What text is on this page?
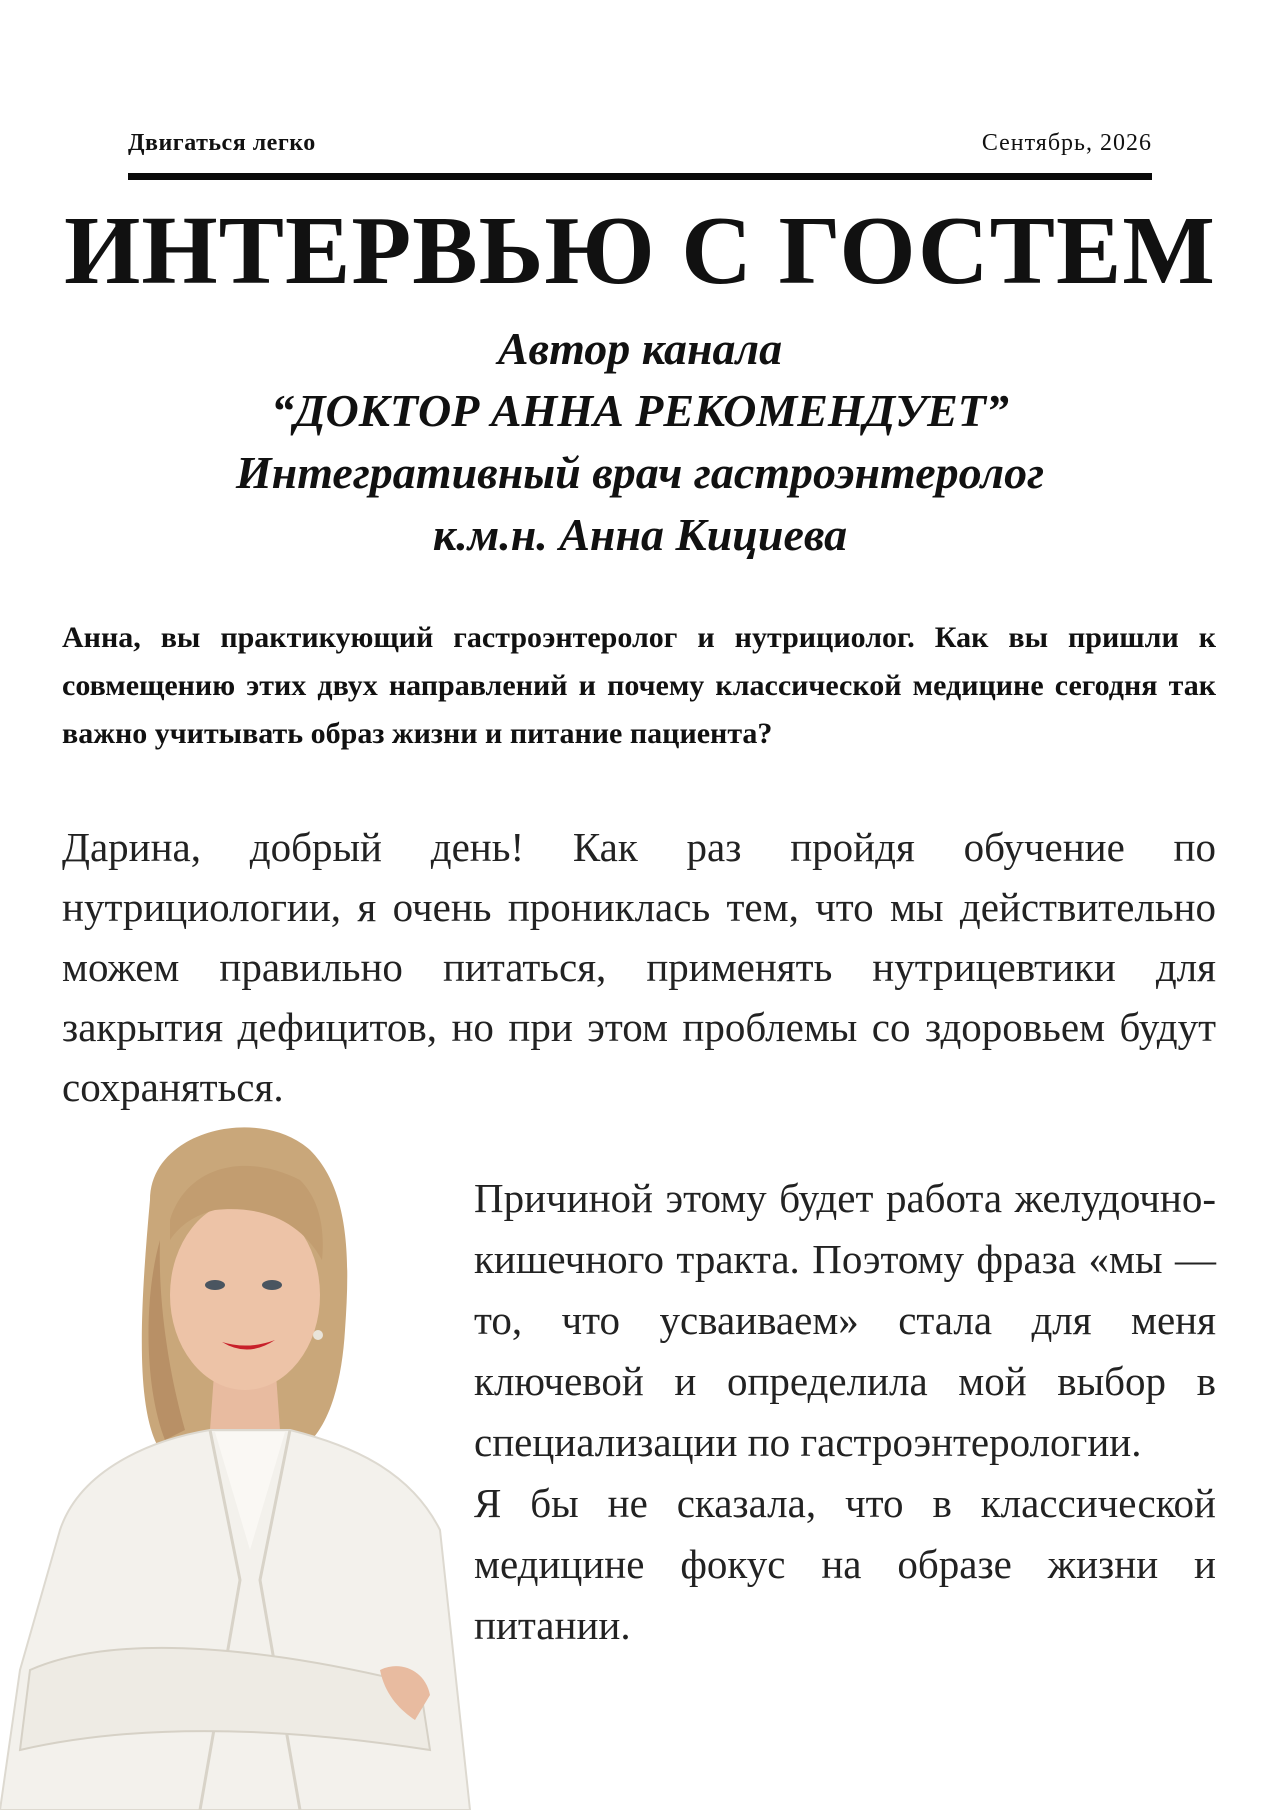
Двигаться легко	Сентябрь, 2026
ИНТЕРВЬЮ С ГОСТЕМ
Автор канала
“ДОКТОР АННА РЕКОМЕНДУЕТ”
Интегративный врач гастроэнтеролог
к.м.н. Анна Кициева
Анна, вы практикующий гастроэнтеролог и нутрициолог. Как вы пришли к совмещению этих двух направлений и почему классической медицине сегодня так важно учитывать образ жизни и питание пациента?
Дарина, добрый день! Как раз пройдя обучение по нутрициологии, я очень прониклась тем, что мы действительно можем правильно питаться, применять нутрицевтики для закрытия дефицитов, но при этом проблемы со здоровьем будут сохраняться.

Причиной этому будет работа желудочно-кишечного тракта. Поэтому фраза «мы — то, что усваиваем» стала для меня ключевой и определила мой выбор в специализации по гастроэнтерологии.

Я бы не сказала, что в классической медицине фокус на образе жизни и питании.
